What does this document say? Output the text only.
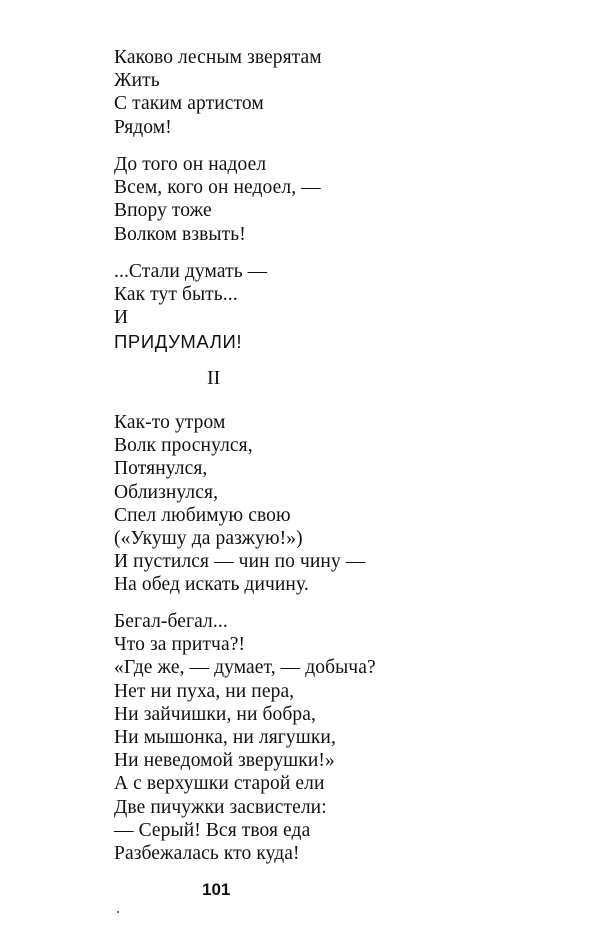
Каково лесным зверятам
Жить
С таким артистом
Рядом!
До того он надоел
Всем, кого он недоел, —
Впору тоже
Волком взвыть!
...Стали думать —
Как тут быть...
И
ПРИДУМАЛИ!
II
Как-то утром
Волк проснулся,
Потянулся,
Облизнулся,
Спел любимую свою
(«Укушу да разжую!»)
И пустился — чин по чину —
На обед искать дичину.
Бегал-бегал...
Что за притча?!
«Где же, — думает, — добыча?
Нет ни пуха, ни пера,
Ни зайчишки, ни бобра,
Ни мышонка, ни лягушки,
Ни неведомой зверушки!»
А с верхушки старой ели
Две пичужки засвистели:
— Серый! Вся твоя еда
Разбежалась кто куда!
101
